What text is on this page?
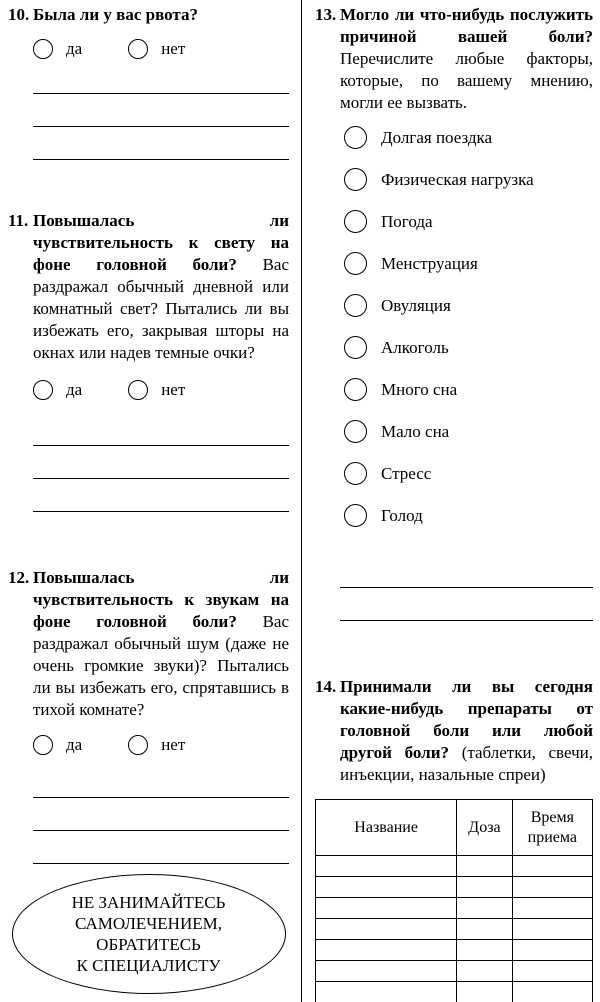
10. Была ли у вас рвота?

да	нет

11. Повышалась ли чувствительность к свету на фоне головной боли? Вас раздражал обычный дневной или комнатный свет? Пытались ли вы избежать его, закрывая шторы на окнах или надев темные очки?

да	нет

12. Повышалась ли чувствительность к звукам на фоне головной боли? Вас раздражал обычный шум (даже не очень громкие звуки)? Пытались ли вы избежать его, спрятавшись в тихой комнате?

да	нет
НЕ ЗАНИМАЙТЕСЬ
САМОЛЕЧЕНИЕМ,
ОБРАТИТЕСЬ
К СПЕЦИАЛИСТУ

13. Могло ли что-нибудь послужить причиной вашей боли? Перечислите любые факторы, которые, по вашему мнению, могли ее вызвать.

Долгая поездка
Физическая нагрузка
Погода
Менструация
Овуляция
Алкоголь
Много сна
Мало сна
Стресс
Голод

14. Принимали ли вы сегодня какие-нибудь препараты от головной боли или любой другой боли? (таблетки, свечи, инъекции, назальные спреи)

Название	Доза	Время приема
